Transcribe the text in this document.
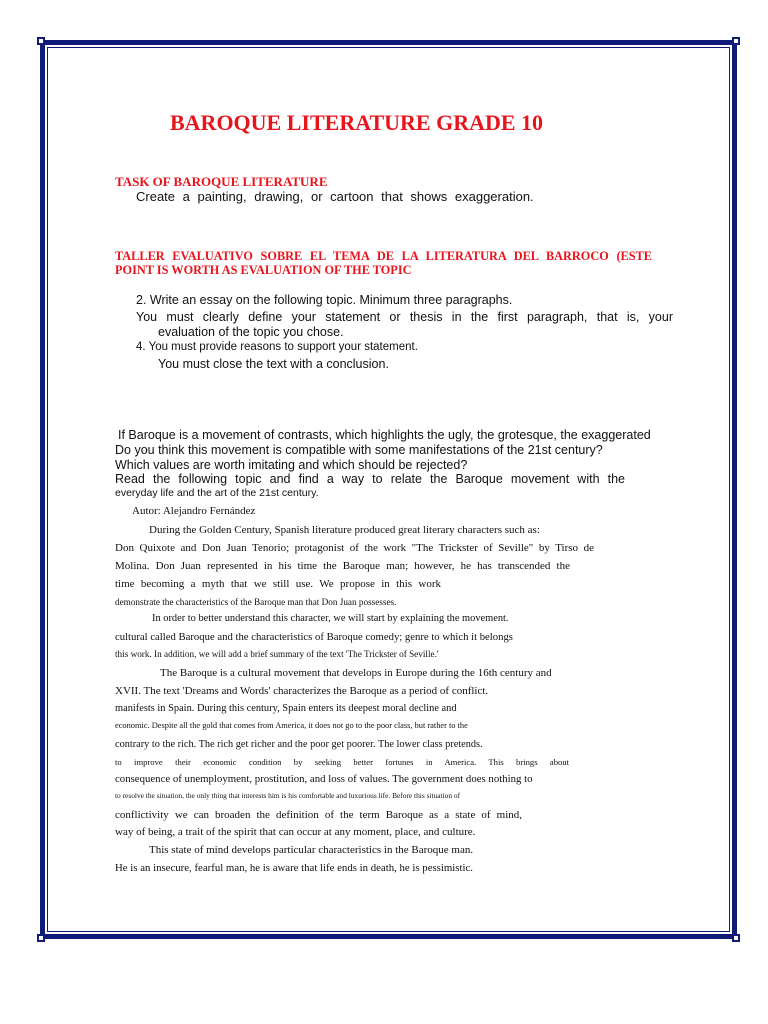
BAROQUE LITERATURE GRADE 10
TASK OF BAROQUE LITERATURE
Create a painting, drawing, or cartoon that shows exaggeration.
TALLER EVALUATIVO SOBRE EL TEMA DE LA LITERATURA DEL BARROCO (ESTE
POINT IS WORTH AS EVALUATION OF THE TOPIC
2. Write an essay on the following topic. Minimum three paragraphs.
You must clearly define your statement or thesis in the first paragraph, that is, your
evaluation of the topic you chose.
4. You must provide reasons to support your statement.
You must close the text with a conclusion.
If Baroque is a movement of contrasts, which highlights the ugly, the grotesque, the exaggerated
Do you think this movement is compatible with some manifestations of the 21st century?
Which values are worth imitating and which should be rejected?
Read the following topic and find a way to relate the Baroque movement with the
everyday life and the art of the 21st century.
Autor: Alejandro Fernández
During the Golden Century, Spanish literature produced great literary characters such as:
Don Quixote and Don Juan Tenorio; protagonist of the work "The Trickster of Seville" by Tirso de
Molina. Don Juan represented in his time the Baroque man; however, he has transcended the
time becoming a myth that we still use. We propose in this work
demonstrate the characteristics of the Baroque man that Don Juan possesses.
In order to better understand this character, we will start by explaining the movement.
cultural called Baroque and the characteristics of Baroque comedy; genre to which it belongs
this work. In addition, we will add a brief summary of the text 'The Trickster of Seville.'
The Baroque is a cultural movement that develops in Europe during the 16th century and
XVII. The text 'Dreams and Words' characterizes the Baroque as a period of conflict.
manifests in Spain. During this century, Spain enters its deepest moral decline and
economic. Despite all the gold that comes from America, it does not go to the poor class, but rather to the
contrary to the rich. The rich get richer and the poor get poorer. The lower class pretends.
to improve their economic condition by seeking better fortunes in America. This brings about
consequence of unemployment, prostitution, and loss of values. The government does nothing to
to resolve the situation, the only thing that interests him is his comfortable and luxurious life. Before this situation of
conflictivity we can broaden the definition of the term Baroque as a state of mind,
way of being, a trait of the spirit that can occur at any moment, place, and culture.
This state of mind develops particular characteristics in the Baroque man.
He is an insecure, fearful man, he is aware that life ends in death, he is pessimistic.
